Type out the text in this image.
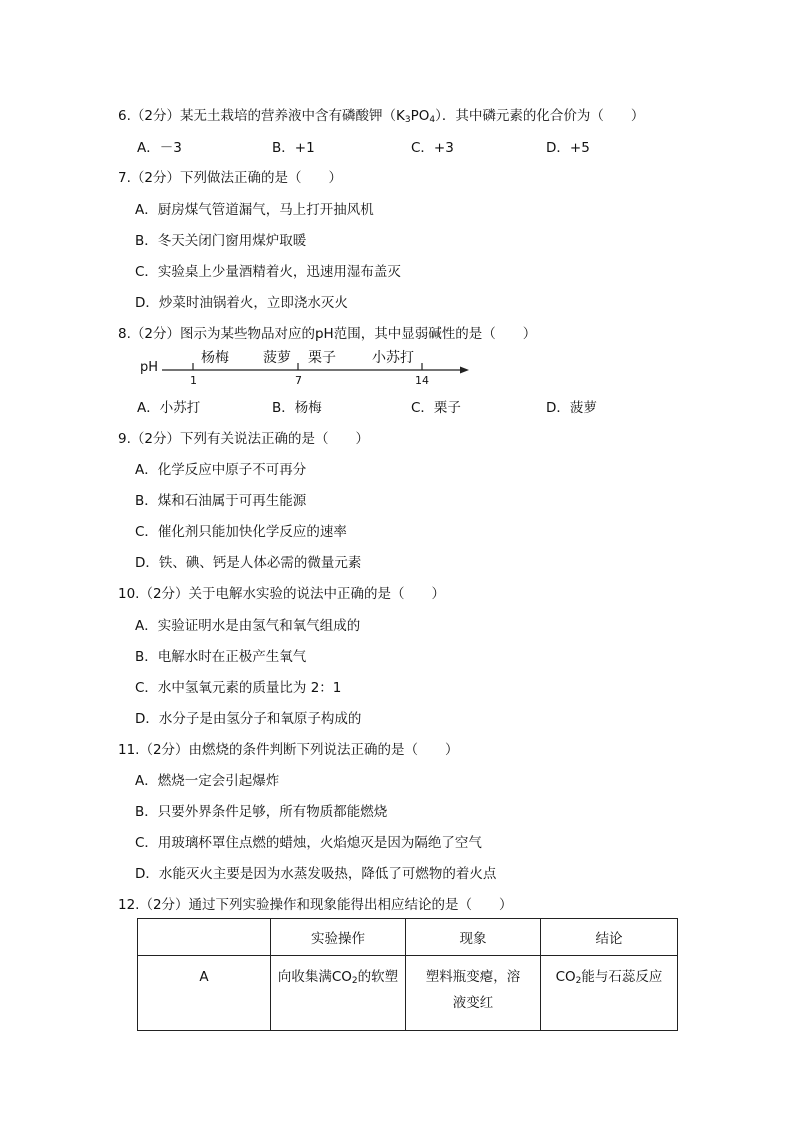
6.（2分）某无土栽培的营养液中含有磷酸钾$(K_3PO_4)$．其中磷元素的化合价为（　　）
A．－3	B．+1	C．+3	D．+5
7.（2分）下列做法正确的是（　　）
A．厨房煤气管道漏气，马上打开抽风机
B．冬天关闭门窗用煤炉取暖
C．实验桌上少量酒精着火，迅速用湿布盖灭
D．炒菜时油锅着火，立即浇水灭火
8.（2分）图示为某些物品对应的pH范围，其中显弱碱性的是（　　）
pH
杨梅 菠萝 栗子	小苏打
1	7	14
A．小苏打	B．杨梅	C．栗子	D．菠萝
9.（2分）下列有关说法正确的是（　　）
A．化学反应中原子不可再分
B．煤和石油属于可再生能源
C．催化剂只能加快化学反应的速率
D．铁、碘、钙是人体必需的微量元素
10.（2分）关于电解水实验的说法中正确的是（　　）
A．实验证明水是由氢气和氧气组成的
B．电解水时在正极产生氧气
C．水中氢氧元素的质量比为 2：1
D．水分子是由氢分子和氧原子构成的
11.（2分）由燃烧的条件判断下列说法正确的是（　　）
A．燃烧一定会引起爆炸
B．只要外界条件足够，所有物质都能燃烧
C．用玻璃杯罩住点燃的蜡烛，火焰熄灭是因为隔绝了空气
D．水能灭火主要是因为水蒸发吸热，降低了可燃物的着火点
12.（2分）通过下列实验操作和现象能得出相应结论的是（　　）
	实验操作	现象	结论
A	向收集满$CO_2$的软塑	塑料瓶变瘪，溶液变红	$CO_2$能与石蕊反应
